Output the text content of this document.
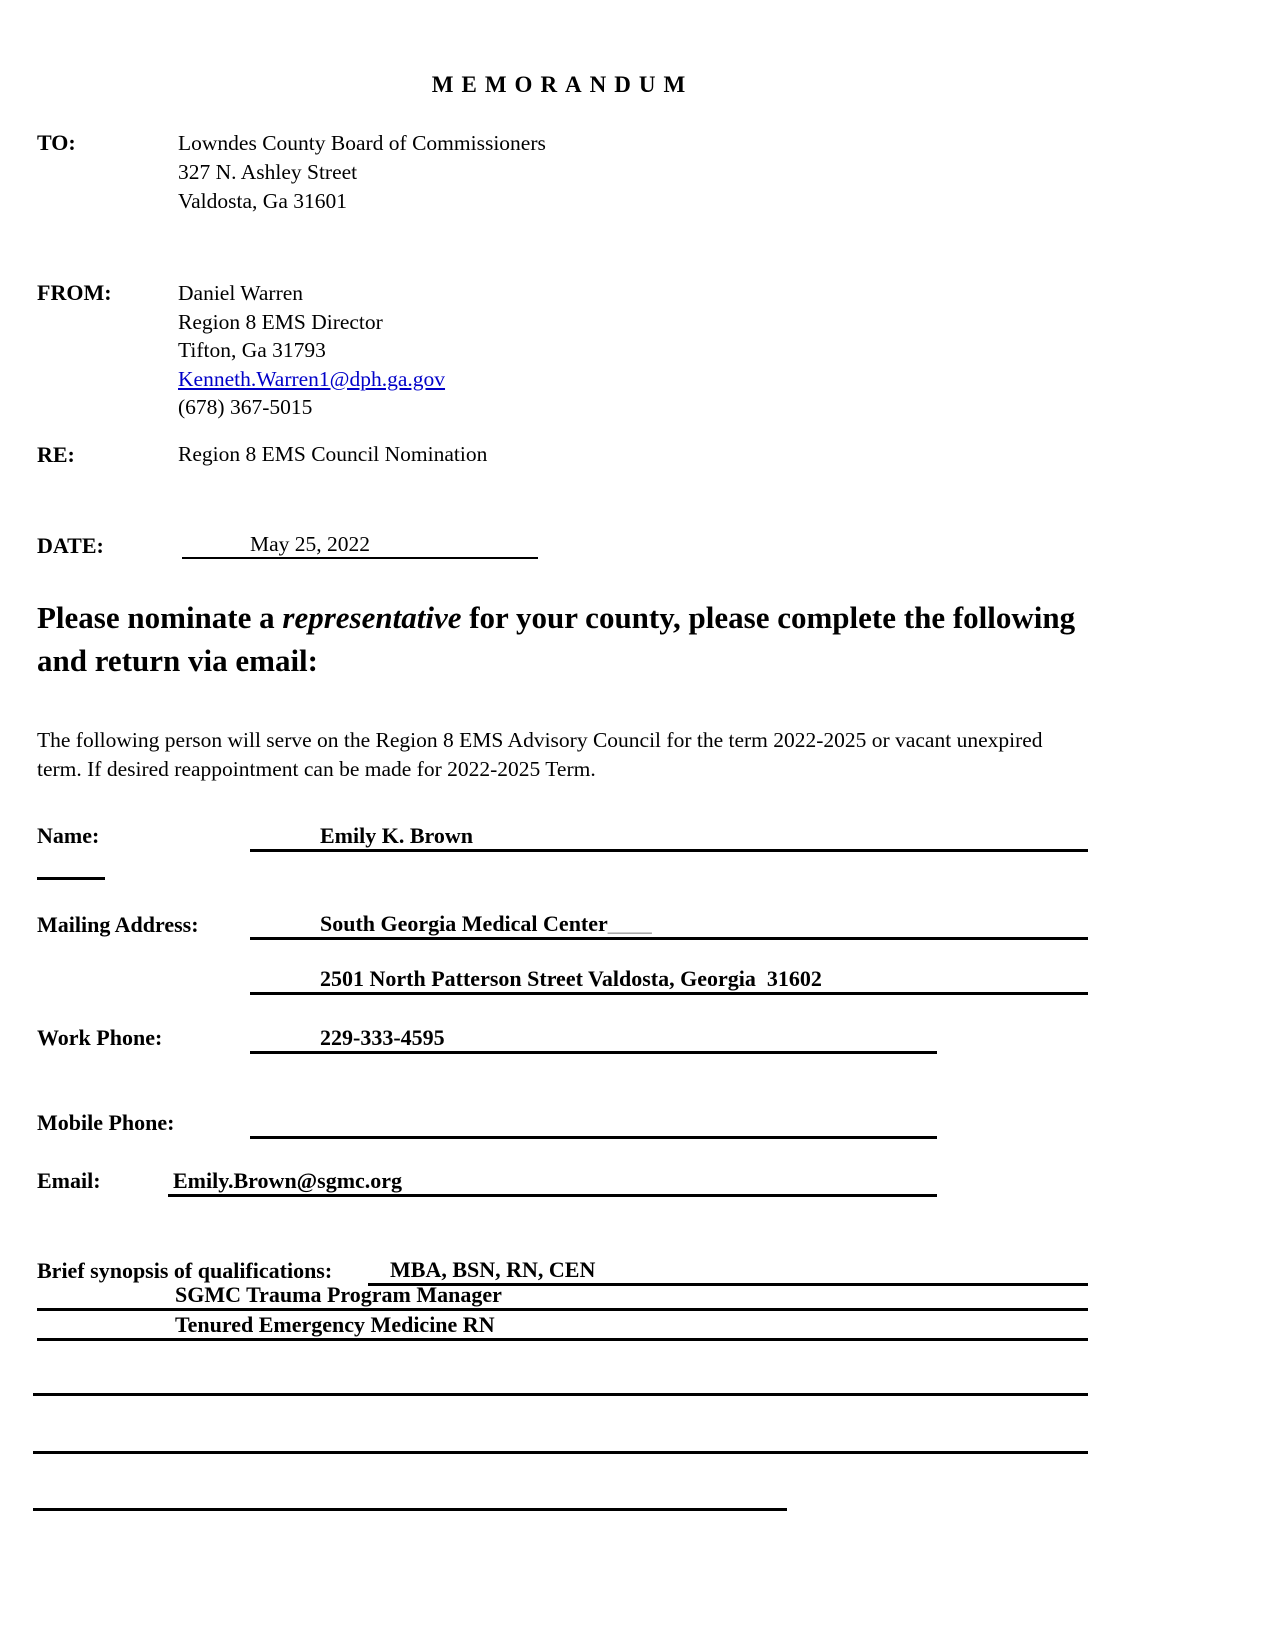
MEMORANDUM
TO:	Lowndes County Board of Commissioners
327 N. Ashley Street
Valdosta, Ga 31601
FROM:	Daniel Warren
Region 8 EMS Director
Tifton, Ga 31793
Kenneth.Warren1@dph.ga.gov
(678) 367-5015
RE:	Region 8 EMS Council Nomination
DATE:	May 25, 2022
Please nominate a representative for your county, please complete the following and return via email:
The following person will serve on the Region 8 EMS Advisory Council for the term 2022-2025 or vacant unexpired term. If desired reappointment can be made for 2022-2025 Term.
Name:	Emily K. Brown
Mailing Address:	South Georgia Medical Center____
2501 North Patterson Street Valdosta, Georgia  31602
Work Phone:	229-333-4595
Mobile Phone:
Email:	Emily.Brown@sgmc.org
Brief synopsis of qualifications:	MBA, BSN, RN, CEN
SGMC Trauma Program Manager
Tenured Emergency Medicine RN
